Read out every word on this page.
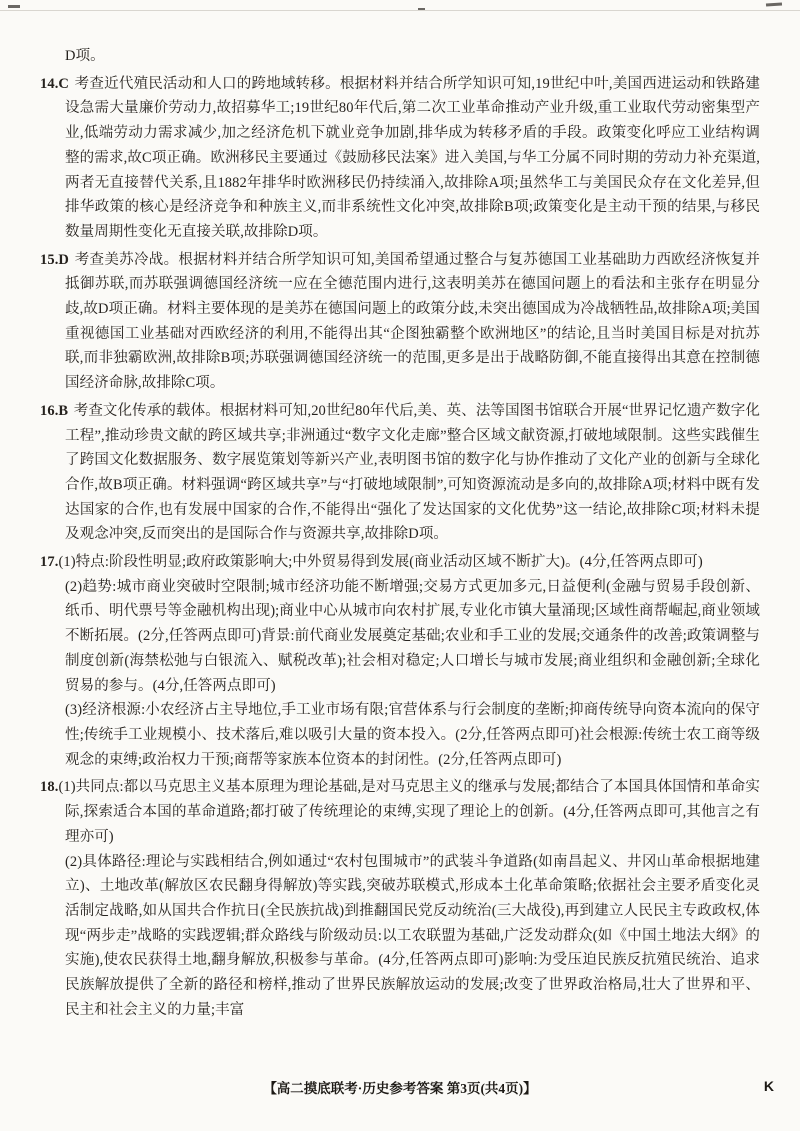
D项。

14.C 考查近代殖民活动和人口的跨地域转移。根据材料并结合所学知识可知,19世纪中叶,美国西进运动和铁路建设急需大量廉价劳动力,故招募华工;19世纪80年代后,第二次工业革命推动产业升级,重工业取代劳动密集型产业,低端劳动力需求减少,加之经济危机下就业竞争加剧,排华成为转移矛盾的手段。政策变化呼应工业结构调整的需求,故C项正确。欧洲移民主要通过《鼓励移民法案》进入美国,与华工分属不同时期的劳动力补充渠道,两者无直接替代关系,且1882年排华时欧洲移民仍持续涌入,故排除A项;虽然华工与美国民众存在文化差异,但排华政策的核心是经济竞争和种族主义,而非系统性文化冲突,故排除B项;政策变化是主动干预的结果,与移民数量周期性变化无直接关联,故排除D项。

15.D 考查美苏冷战。根据材料并结合所学知识可知,美国希望通过整合与复苏德国工业基础助力西欧经济恢复并抵御苏联,而苏联强调德国经济统一应在全德范围内进行,这表明美苏在德国问题上的看法和主张存在明显分歧,故D项正确。材料主要体现的是美苏在德国问题上的政策分歧,未突出德国成为冷战牺牲品,故排除A项;美国重视德国工业基础对西欧经济的利用,不能得出其“企图独霸整个欧洲地区”的结论,且当时美国目标是对抗苏联,而非独霸欧洲,故排除B项;苏联强调德国经济统一的范围,更多是出于战略防御,不能直接得出其意在控制德国经济命脉,故排除C项。

16.B 考查文化传承的载体。根据材料可知,20世纪80年代后,美、英、法等国图书馆联合开展“世界记忆遗产数字化工程”,推动珍贵文献的跨区域共享;非洲通过“数字文化走廊”整合区域文献资源,打破地域限制。这些实践催生了跨国文化数据服务、数字展览策划等新兴产业,表明图书馆的数字化与协作推动了文化产业的创新与全球化合作,故B项正确。材料强调“跨区域共享”与“打破地域限制”,可知资源流动是多向的,故排除A项;材料中既有发达国家的合作,也有发展中国家的合作,不能得出“强化了发达国家的文化优势”这一结论,故排除C项;材料未提及观念冲突,反而突出的是国际合作与资源共享,故排除D项。

17.(1)特点:阶段性明显;政府政策影响大;中外贸易得到发展(商业活动区域不断扩大)。(4分,任答两点即可)

(2)趋势:城市商业突破时空限制;城市经济功能不断增强;交易方式更加多元,日益便利(金融与贸易手段创新、纸币、明代票号等金融机构出现);商业中心从城市向农村扩展,专业化市镇大量涌现;区域性商帮崛起,商业领域不断拓展。(2分,任答两点即可)背景:前代商业发展奠定基础;农业和手工业的发展;交通条件的改善;政策调整与制度创新(海禁松弛与白银流入、赋税改革);社会相对稳定;人口增长与城市发展;商业组织和金融创新;全球化贸易的参与。(4分,任答两点即可)

(3)经济根源:小农经济占主导地位,手工业市场有限;官营体系与行会制度的垄断;抑商传统导向资本流向的保守性;传统手工业规模小、技术落后,难以吸引大量的资本投入。(2分,任答两点即可)社会根源:传统士农工商等级观念的束缚;政治权力干预;商帮等家族本位资本的封闭性。(2分,任答两点即可)

18.(1)共同点:都以马克思主义基本原理为理论基础,是对马克思主义的继承与发展;都结合了本国具体国情和革命实际,探索适合本国的革命道路;都打破了传统理论的束缚,实现了理论上的创新。(4分,任答两点即可,其他言之有理亦可)

(2)具体路径:理论与实践相结合,例如通过“农村包围城市”的武装斗争道路(如南昌起义、井冈山革命根据地建立)、土地改革(解放区农民翻身得解放)等实践,突破苏联模式,形成本土化革命策略;依据社会主要矛盾变化灵活制定战略,如从国共合作抗日(全民族抗战)到推翻国民党反动统治(三大战役),再到建立人民民主专政政权,体现“两步走”战略的实践逻辑;群众路线与阶级动员:以工农联盟为基础,广泛发动群众(如《中国土地法大纲》的实施),使农民获得土地,翻身解放,积极参与革命。(4分,任答两点即可)影响:为受压迫民族反抗殖民统治、追求民族解放提供了全新的路径和榜样,推动了世界民族解放运动的发展;改变了世界政治格局,壮大了世界和平、民主和社会主义的力量;丰富

【高二摸底联考·历史参考答案 第3页(共4页)】	K
